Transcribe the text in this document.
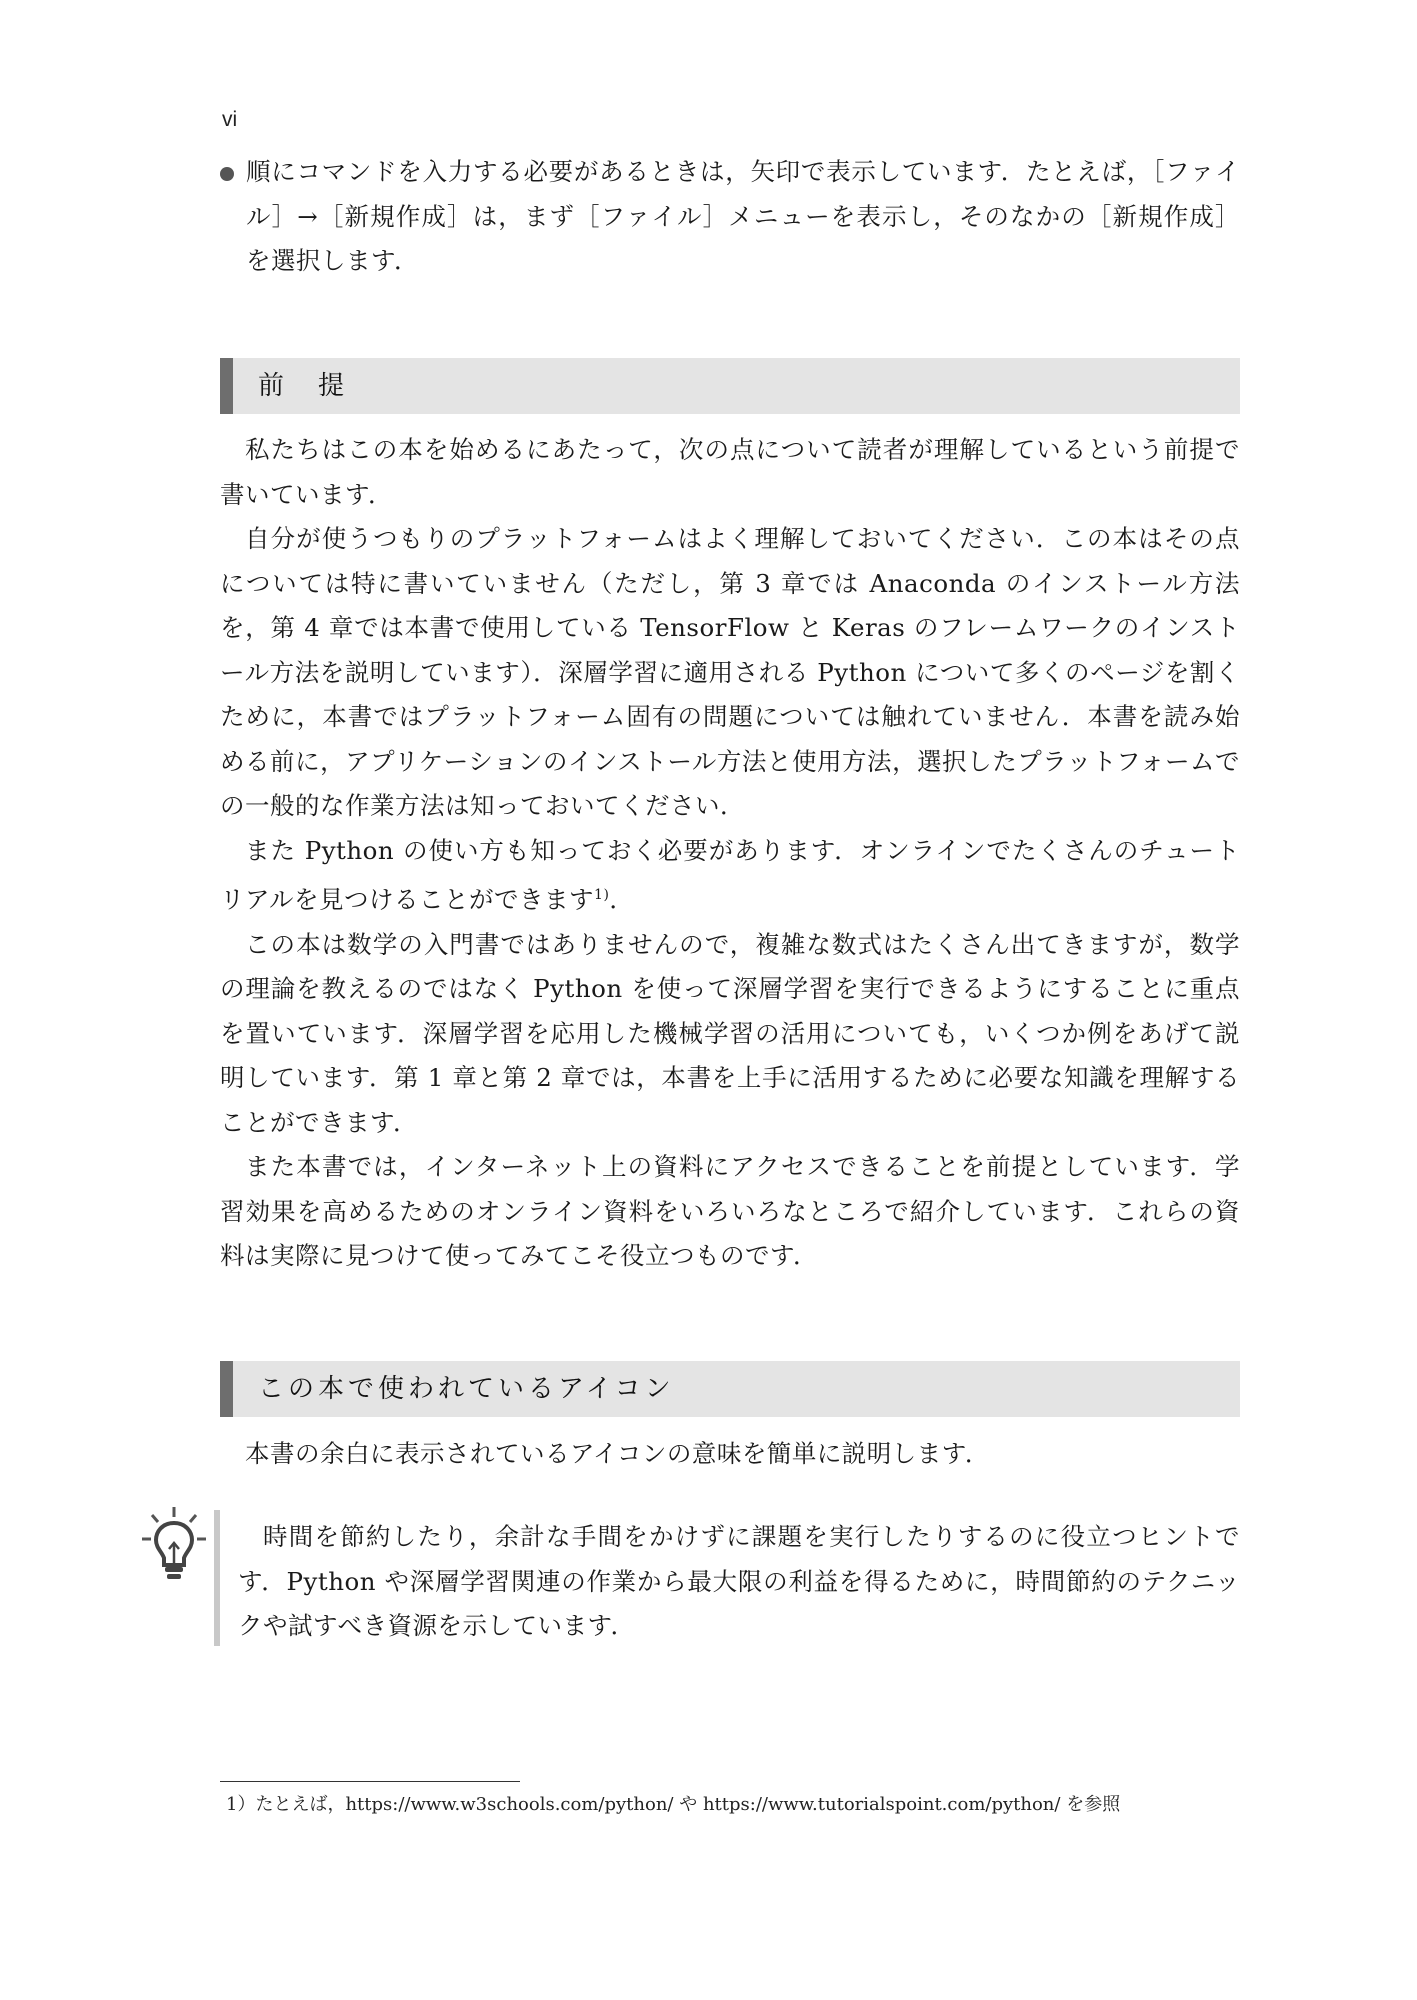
vi

順にコマンドを入力する必要があるときは，矢印で表示しています．たとえば，［ファイル］→［新規作成］は，まず［ファイル］メニューを表示し，そのなかの［新規作成］を選択します．

前　提

私たちはこの本を始めるにあたって，次の点について読者が理解しているという前提で書いています．

自分が使うつもりのプラットフォームはよく理解しておいてください．この本はその点については特に書いていません（ただし，第 3 章では Anaconda のインストール方法を，第 4 章では本書で使用している TensorFlow と Keras のフレームワークのインストール方法を説明しています）．深層学習に適用される Python について多くのページを割くために，本書ではプラットフォーム固有の問題については触れていません．本書を読み始める前に，アプリケーションのインストール方法と使用方法，選択したプラットフォームでの一般的な作業方法は知っておいてください．

また Python の使い方も知っておく必要があります．オンラインでたくさんのチュートリアルを見つけることができます$^{1)}$．

この本は数学の入門書ではありませんので，複雑な数式はたくさん出てきますが，数学の理論を教えるのではなく Python を使って深層学習を実行できるようにすることに重点を置いています．深層学習を応用した機械学習の活用についても，いくつか例をあげて説明しています．第 1 章と第 2 章では，本書を上手に活用するために必要な知識を理解することができます．

また本書では，インターネット上の資料にアクセスできることを前提としています．学習効果を高めるためのオンライン資料をいろいろなところで紹介しています．これらの資料は実際に見つけて使ってみてこそ役立つものです．

この本で使われているアイコン

本書の余白に表示されているアイコンの意味を簡単に説明します．

時間を節約したり，余計な手間をかけずに課題を実行したりするのに役立つヒントです．Python や深層学習関連の作業から最大限の利益を得るために，時間節約のテクニックや試すべき資源を示しています．

1）たとえば，https://www.w3schools.com/python/ や https://www.tutorialspoint.com/python/ を参照
